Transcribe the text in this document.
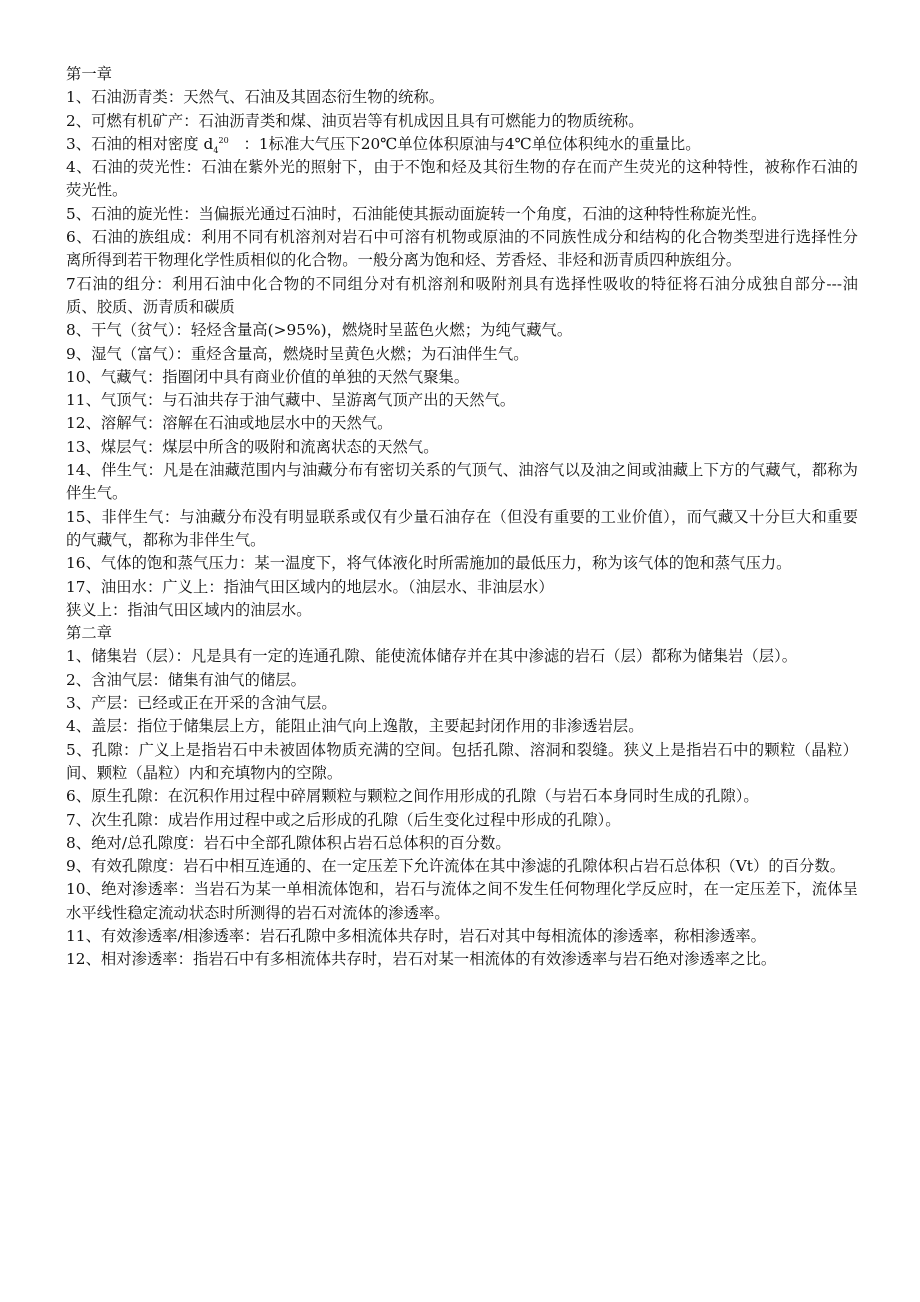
第一章

1、石油沥青类：天然气、石油及其固态衍生物的统称。

2、可燃有机矿产：石油沥青类和煤、油页岩等有机成因且具有可燃能力的物质统称。

3、石油的相对密度 $d_4^{20}$ ：1标准大气压下20℃单位体积原油与4℃单位体积纯水的重量比。

4、石油的荧光性：石油在紫外光的照射下，由于不饱和烃及其衍生物的存在而产生荧光的这种特性，被称作石油的荧光性。

5、石油的旋光性：当偏振光通过石油时，石油能使其振动面旋转一个角度，石油的这种特性称旋光性。

6、石油的族组成：利用不同有机溶剂对岩石中可溶有机物或原油的不同族性成分和结构的化合物类型进行选择性分离所得到若干物理化学性质相似的化合物。一般分离为饱和烃、芳香烃、非烃和沥青质四种族组分。

7石油的组分：利用石油中化合物的不同组分对有机溶剂和吸附剂具有选择性吸收的特征将石油分成独自部分---油质、胶质、沥青质和碳质

8、干气（贫气）：轻烃含量高(>95%)，燃烧时呈蓝色火燃；为纯气藏气。

9、湿气（富气）：重烃含量高，燃烧时呈黄色火燃；为石油伴生气。

10、气藏气：指圈闭中具有商业价值的单独的天然气聚集。

11、气顶气：与石油共存于油气藏中、呈游离气顶产出的天然气。

12、溶解气：溶解在石油或地层水中的天然气。

13、煤层气：煤层中所含的吸附和流离状态的天然气。

14、伴生气：凡是在油藏范围内与油藏分布有密切关系的气顶气、油溶气以及油之间或油藏上下方的气藏气，都称为伴生气。

15、非伴生气：与油藏分布没有明显联系或仅有少量石油存在（但没有重要的工业价值），而气藏又十分巨大和重要的气藏气，都称为非伴生气。

16、气体的饱和蒸气压力：某一温度下，将气体液化时所需施加的最低压力，称为该气体的饱和蒸气压力。

17、油田水：广义上：指油气田区域内的地层水。（油层水、非油层水）

狭义上：指油气田区域内的油层水。

第二章

1、储集岩（层）：凡是具有一定的连通孔隙、能使流体储存并在其中渗滤的岩石（层）都称为储集岩（层）。

2、含油气层：储集有油气的储层。

3、产层：已经或正在开采的含油气层。

4、盖层：指位于储集层上方，能阻止油气向上逸散，主要起封闭作用的非渗透岩层。

5、孔隙：广义上是指岩石中未被固体物质充满的空间。包括孔隙、溶洞和裂缝。狭义上是指岩石中的颗粒（晶粒）间、颗粒（晶粒）内和充填物内的空隙。

6、原生孔隙：在沉积作用过程中碎屑颗粒与颗粒之间作用形成的孔隙（与岩石本身同时生成的孔隙）。

7、次生孔隙：成岩作用过程中或之后形成的孔隙（后生变化过程中形成的孔隙）。

8、绝对/总孔隙度：岩石中全部孔隙体积占岩石总体积的百分数。

9、有效孔隙度：岩石中相互连通的、在一定压差下允许流体在其中渗滤的孔隙体积占岩石总体积（Vt）的百分数。

10、绝对渗透率：当岩石为某一单相流体饱和，岩石与流体之间不发生任何物理化学反应时，在一定压差下，流体呈水平线性稳定流动状态时所测得的岩石对流体的渗透率。

11、有效渗透率/相渗透率：岩石孔隙中多相流体共存时，岩石对其中每相流体的渗透率，称相渗透率。

12、相对渗透率：指岩石中有多相流体共存时，岩石对某一相流体的有效渗透率与岩石绝对渗透率之比。
